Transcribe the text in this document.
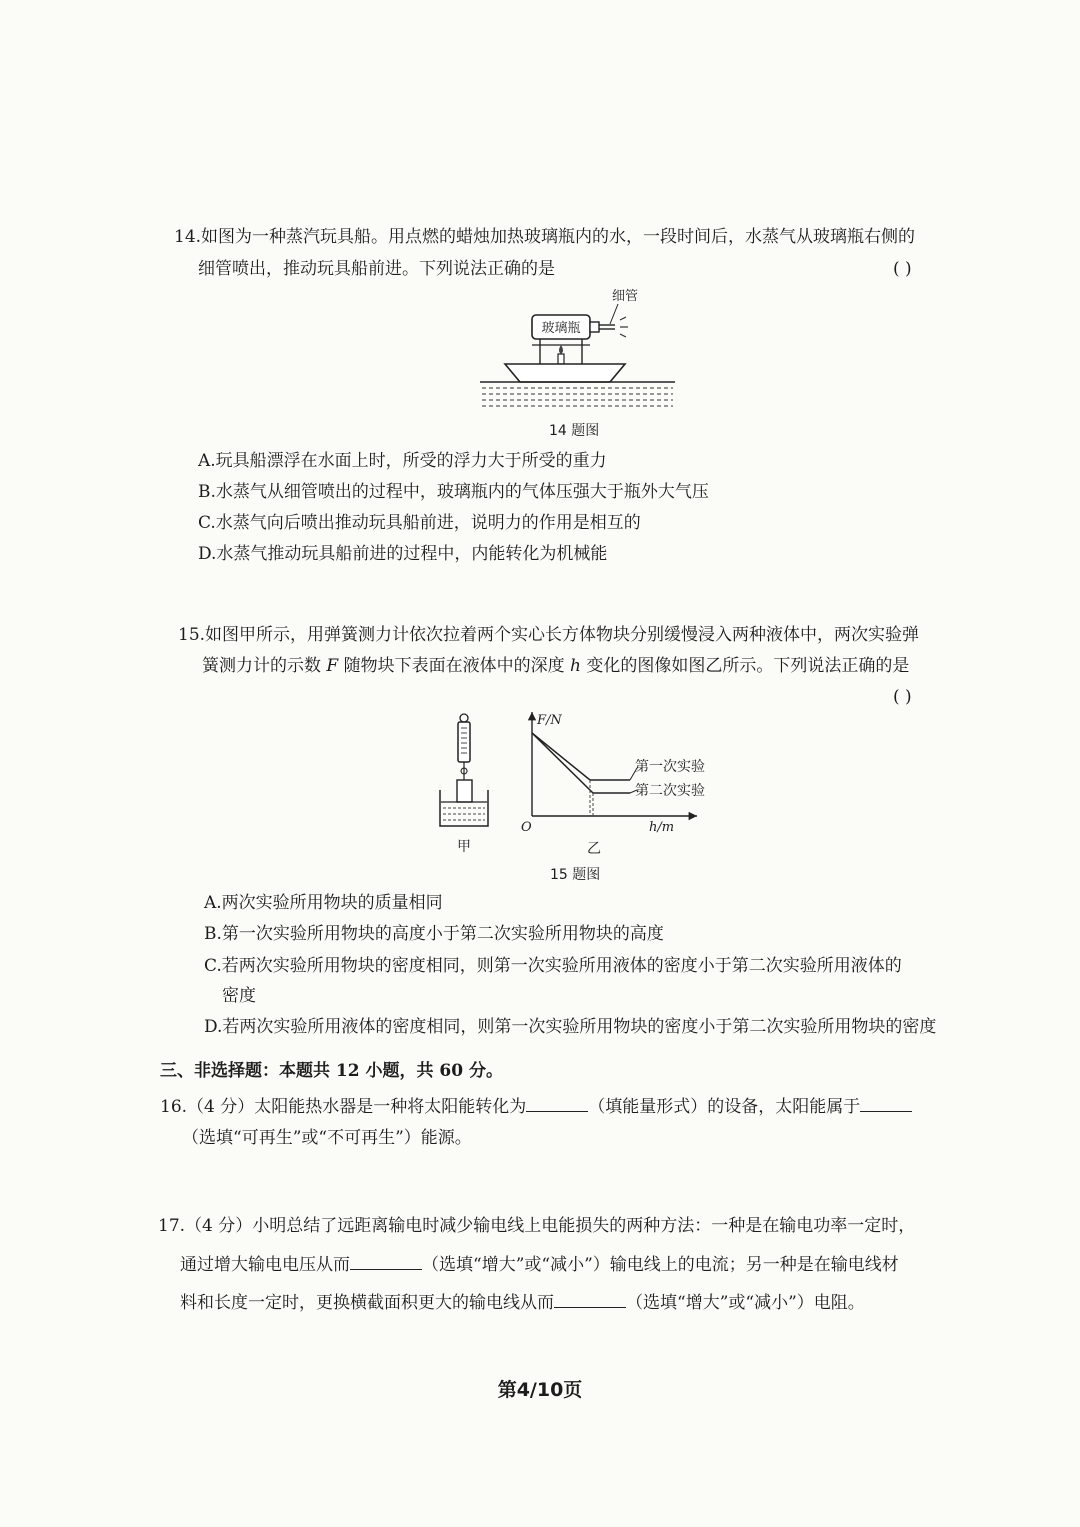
14.如图为一种蒸汽玩具船。用点燃的蜡烛加热玻璃瓶内的水，一段时间后，水蒸气从玻璃瓶右侧的
细管喷出，推动玩具船前进。下列说法正确的是	( )
玻璃瓶
细管
14 题图
A.玩具船漂浮在水面上时，所受的浮力大于所受的重力
B.水蒸气从细管喷出的过程中，玻璃瓶内的气体压强大于瓶外大气压
C.水蒸气向后喷出推动玩具船前进，说明力的作用是相互的
D.水蒸气推动玩具船前进的过程中，内能转化为机械能
15.如图甲所示，用弹簧测力计依次拉着两个实心长方体物块分别缓慢浸入两种液体中，两次实验弹
簧测力计的示数 F 随物块下表面在液体中的深度 h 变化的图像如图乙所示。下列说法正确的是
( )
甲
F/N
O	h/m
第一次实验
第二次实验
乙
15 题图
A.两次实验所用物块的质量相同
B.第一次实验所用物块的高度小于第二次实验所用物块的高度
C.若两次实验所用物块的密度相同，则第一次实验所用液体的密度小于第二次实验所用液体的
密度
D.若两次实验所用液体的密度相同，则第一次实验所用物块的密度小于第二次实验所用物块的密度
三、非选择题：本题共 12 小题，共 60 分。
16.（4 分）太阳能热水器是一种将太阳能转化为	（填能量形式）的设备，太阳能属于
（选填“可再生”或“不可再生”）能源。
17.（4 分）小明总结了远距离输电时减少输电线上电能损失的两种方法：一种是在输电功率一定时，
通过增大输电电压从而	（选填“增大”或“减小”）输电线上的电流；另一种是在输电线材
料和长度一定时，更换横截面积更大的输电线从而	（选填“增大”或“减小”）电阻。
第4/10页
